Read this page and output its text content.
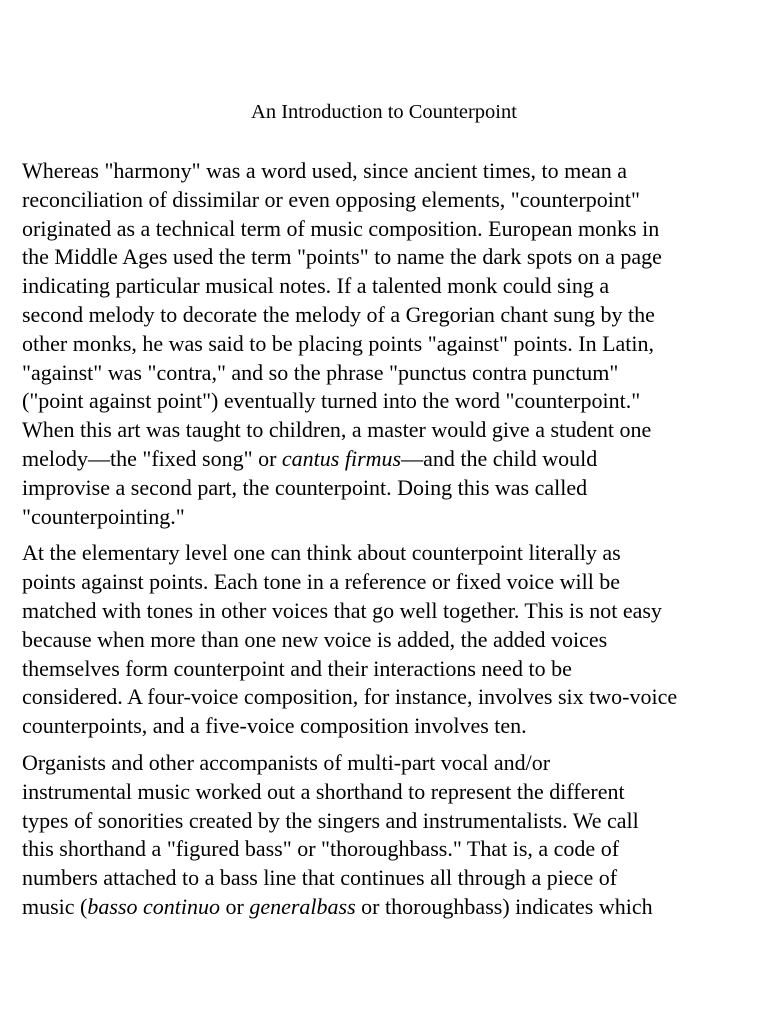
An Introduction to Counterpoint

Whereas "harmony" was a word used, since ancient times, to mean a
reconciliation of dissimilar or even opposing elements, "counterpoint"
originated as a technical term of music composition. European monks in
the Middle Ages used the term "points" to name the dark spots on a page
indicating particular musical notes. If a talented monk could sing a
second melody to decorate the melody of a Gregorian chant sung by the
other monks, he was said to be placing points "against" points. In Latin,
"against" was "contra," and so the phrase "punctus contra punctum"
("point against point") eventually turned into the word "counterpoint."
When this art was taught to children, a master would give a student one
melody—the "fixed song" or cantus firmus—and the child would
improvise a second part, the counterpoint. Doing this was called
"counterpointing."

At the elementary level one can think about counterpoint literally as
points against points. Each tone in a reference or fixed voice will be
matched with tones in other voices that go well together. This is not easy
because when more than one new voice is added, the added voices
themselves form counterpoint and their interactions need to be
considered. A four-voice composition, for instance, involves six two-voice
counterpoints, and a five-voice composition involves ten.

Organists and other accompanists of multi-part vocal and/or
instrumental music worked out a shorthand to represent the different
types of sonorities created by the singers and instrumentalists. We call
this shorthand a "figured bass" or "thoroughbass." That is, a code of
numbers attached to a bass line that continues all through a piece of
music (basso continuo or generalbass or thoroughbass) indicates which
